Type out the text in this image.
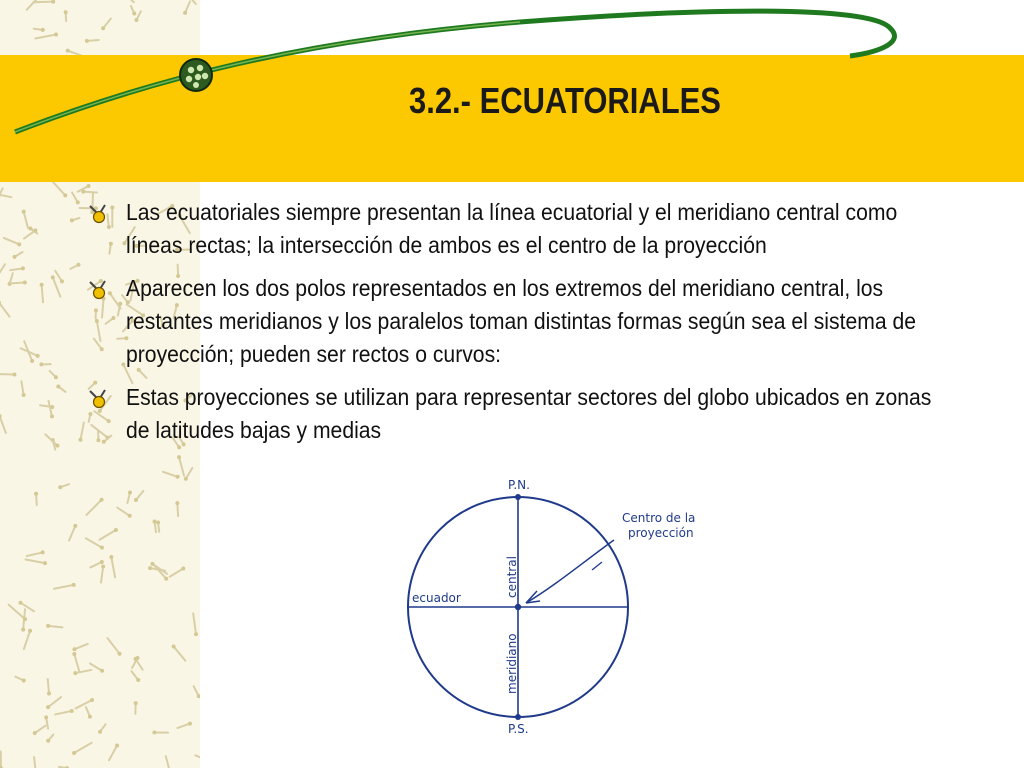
3.2.- ECUATORIALES
Las ecuatoriales siempre presentan la línea ecuatorial y el meridiano central como líneas rectas; la intersección de ambos es el centro de la proyección
Aparecen los dos polos representados en los extremos del meridiano central, los restantes meridianos y los paralelos toman distintas formas según sea el sistema de proyección; pueden ser rectos o curvos:
Estas proyecciones se utilizan para representar sectores del globo ubicados en zonas de latitudes bajas y medias
P.N.
P.S.
ecuador	central
meridiano
Centro de la
proyección
